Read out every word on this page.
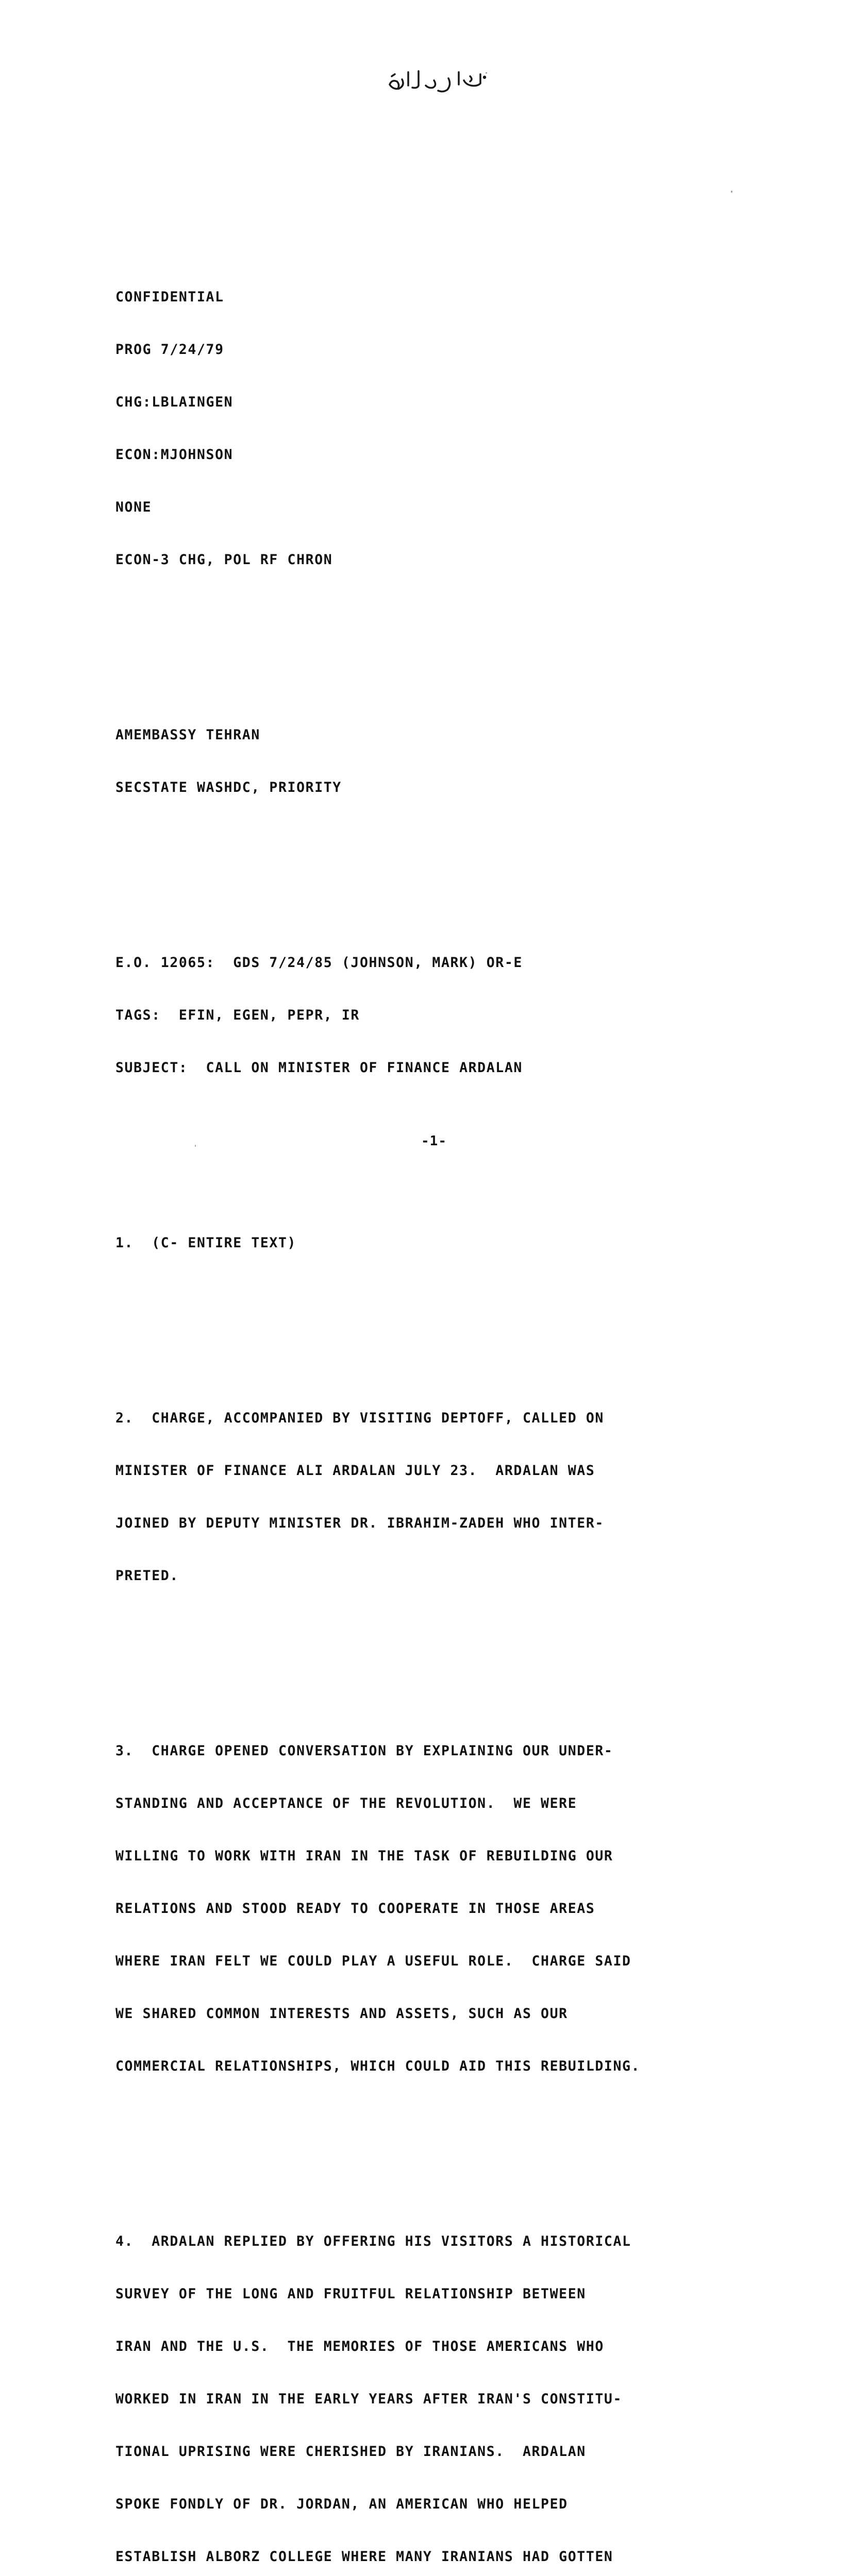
CONFIDENTIAL

PROG 7/24/79

CHG:LBLAINGEN

ECON:MJOHNSON

NONE

ECON-3 CHG, POL RF CHRON

AMEMBASSY TEHRAN

SECSTATE WASHDC, PRIORITY

E.O. 12065:  GDS 7/24/85 (JOHNSON, MARK) OR-E

TAGS:  EFIN, EGEN, PEPR, IR

SUBJECT:  CALL ON MINISTER OF FINANCE ARDALAN

1.  (C- ENTIRE TEXT)

2.  CHARGE, ACCOMPANIED BY VISITING DEPTOFF, CALLED ON

MINISTER OF FINANCE ALI ARDALAN JULY 23.  ARDALAN WAS

JOINED BY DEPUTY MINISTER DR. IBRAHIM-ZADEH WHO INTER-

PRETED.

3.  CHARGE OPENED CONVERSATION BY EXPLAINING OUR UNDER-

STANDING AND ACCEPTANCE OF THE REVOLUTION.  WE WERE

WILLING TO WORK WITH IRAN IN THE TASK OF REBUILDING OUR

RELATIONS AND STOOD READY TO COOPERATE IN THOSE AREAS

WHERE IRAN FELT WE COULD PLAY A USEFUL ROLE.  CHARGE SAID

WE SHARED COMMON INTERESTS AND ASSETS, SUCH AS OUR

COMMERCIAL RELATIONSHIPS, WHICH COULD AID THIS REBUILDING.

4.  ARDALAN REPLIED BY OFFERING HIS VISITORS A HISTORICAL

SURVEY OF THE LONG AND FRUITFUL RELATIONSHIP BETWEEN

IRAN AND THE U.S.  THE MEMORIES OF THOSE AMERICANS WHO

WORKED IN IRAN IN THE EARLY YEARS AFTER IRAN'S CONSTITU-

TIONAL UPRISING WERE CHERISHED BY IRANIANS.  ARDALAN

SPOKE FONDLY OF DR. JORDAN, AN AMERICAN WHO HELPED

ESTABLISH ALBORZ COLLEGE WHERE MANY IRANIANS HAD GOTTEN

-1-
